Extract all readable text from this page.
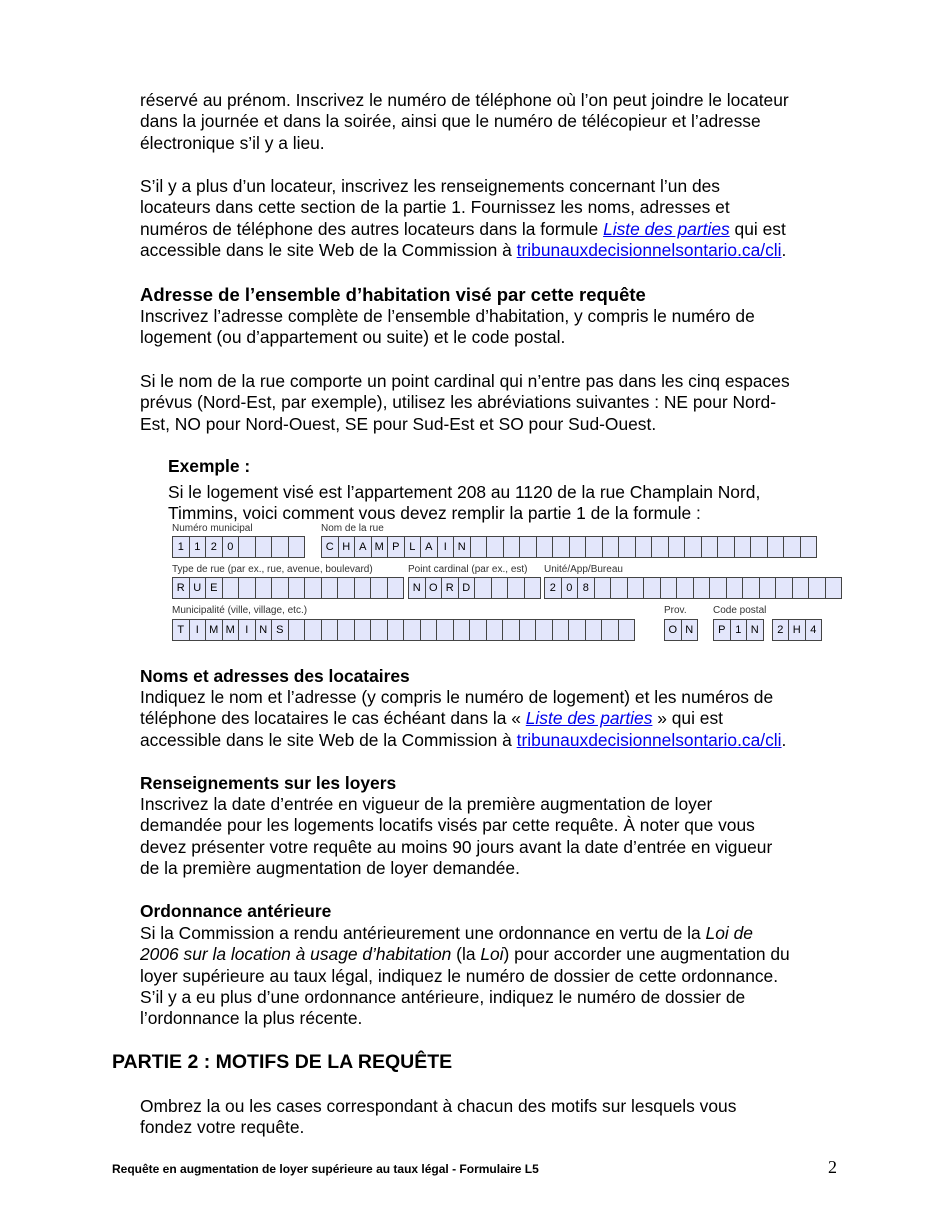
réservé au prénom. Inscrivez le numéro de téléphone où l’on peut joindre le locateur

dans la journée et dans la soirée, ainsi que le numéro de télécopieur et l’adresse

électronique s’il y a lieu.

S’il y a plus d’un locateur, inscrivez les renseignements concernant l’un des

locateurs dans cette section de la partie 1. Fournissez les noms, adresses et

numéros de téléphone des autres locateurs dans la formule Liste des parties qui est

accessible dans le site Web de la Commission à tribunauxdecisionnelsontario.ca/cli.

Adresse de l’ensemble d’habitation visé par cette requête

Inscrivez l’adresse complète de l’ensemble d’habitation, y compris le numéro de

logement (ou d’appartement ou suite) et le code postal.

Si le nom de la rue comporte un point cardinal qui n’entre pas dans les cinq espaces

prévus (Nord-Est, par exemple), utilisez les abréviations suivantes : NE pour Nord-

Est, NO pour Nord-Ouest, SE pour Sud-Est et SO pour Sud-Ouest.

Exemple :
Si le logement visé est l’appartement 208 au 1120 de la rue Champlain Nord,
Timmins, voici comment vous devez remplir la partie 1 de la formule :
Numéro municipal
1 1 2 0
Nom de la rue
C H A M P L A	I N
Type de rue (par ex., rue, avenue, boulevard)
R U E
Point cardinal (par ex., est)
N O R D
Unité/App/Bureau
2 0 8
Municipalité (ville, village, etc.)
T	I M M I N S
Prov.
O N
Code postal
P 1 N	2 H 4
Noms et adresses des locataires

Indiquez le nom et l’adresse (y compris le numéro de logement) et les numéros de

téléphone des locataires le cas échéant dans la « Liste des parties » qui est

accessible dans le site Web de la Commission à tribunauxdecisionnelsontario.ca/cli.

Renseignements sur les loyers

Inscrivez la date d’entrée en vigueur de la première augmentation de loyer

demandée pour les logements locatifs visés par cette requête. À noter que vous

devez présenter votre requête au moins 90 jours avant la date d’entrée en vigueur

de la première augmentation de loyer demandée.

Ordonnance antérieure

Si la Commission a rendu antérieurement une ordonnance en vertu de la Loi de

2006 sur la location à usage d’habitation (la Loi) pour accorder une augmentation du

loyer supérieure au taux légal, indiquez le numéro de dossier de cette ordonnance.

S’il y a eu plus d’une ordonnance antérieure, indiquez le numéro de dossier de

l’ordonnance la plus récente.

PARTIE 2 : MOTIFS DE LA REQUÊTE

Ombrez la ou les cases correspondant à chacun des motifs sur lesquels vous

fondez votre requête.

Requête en augmentation de loyer supérieure au taux légal - Formulaire L5	2
